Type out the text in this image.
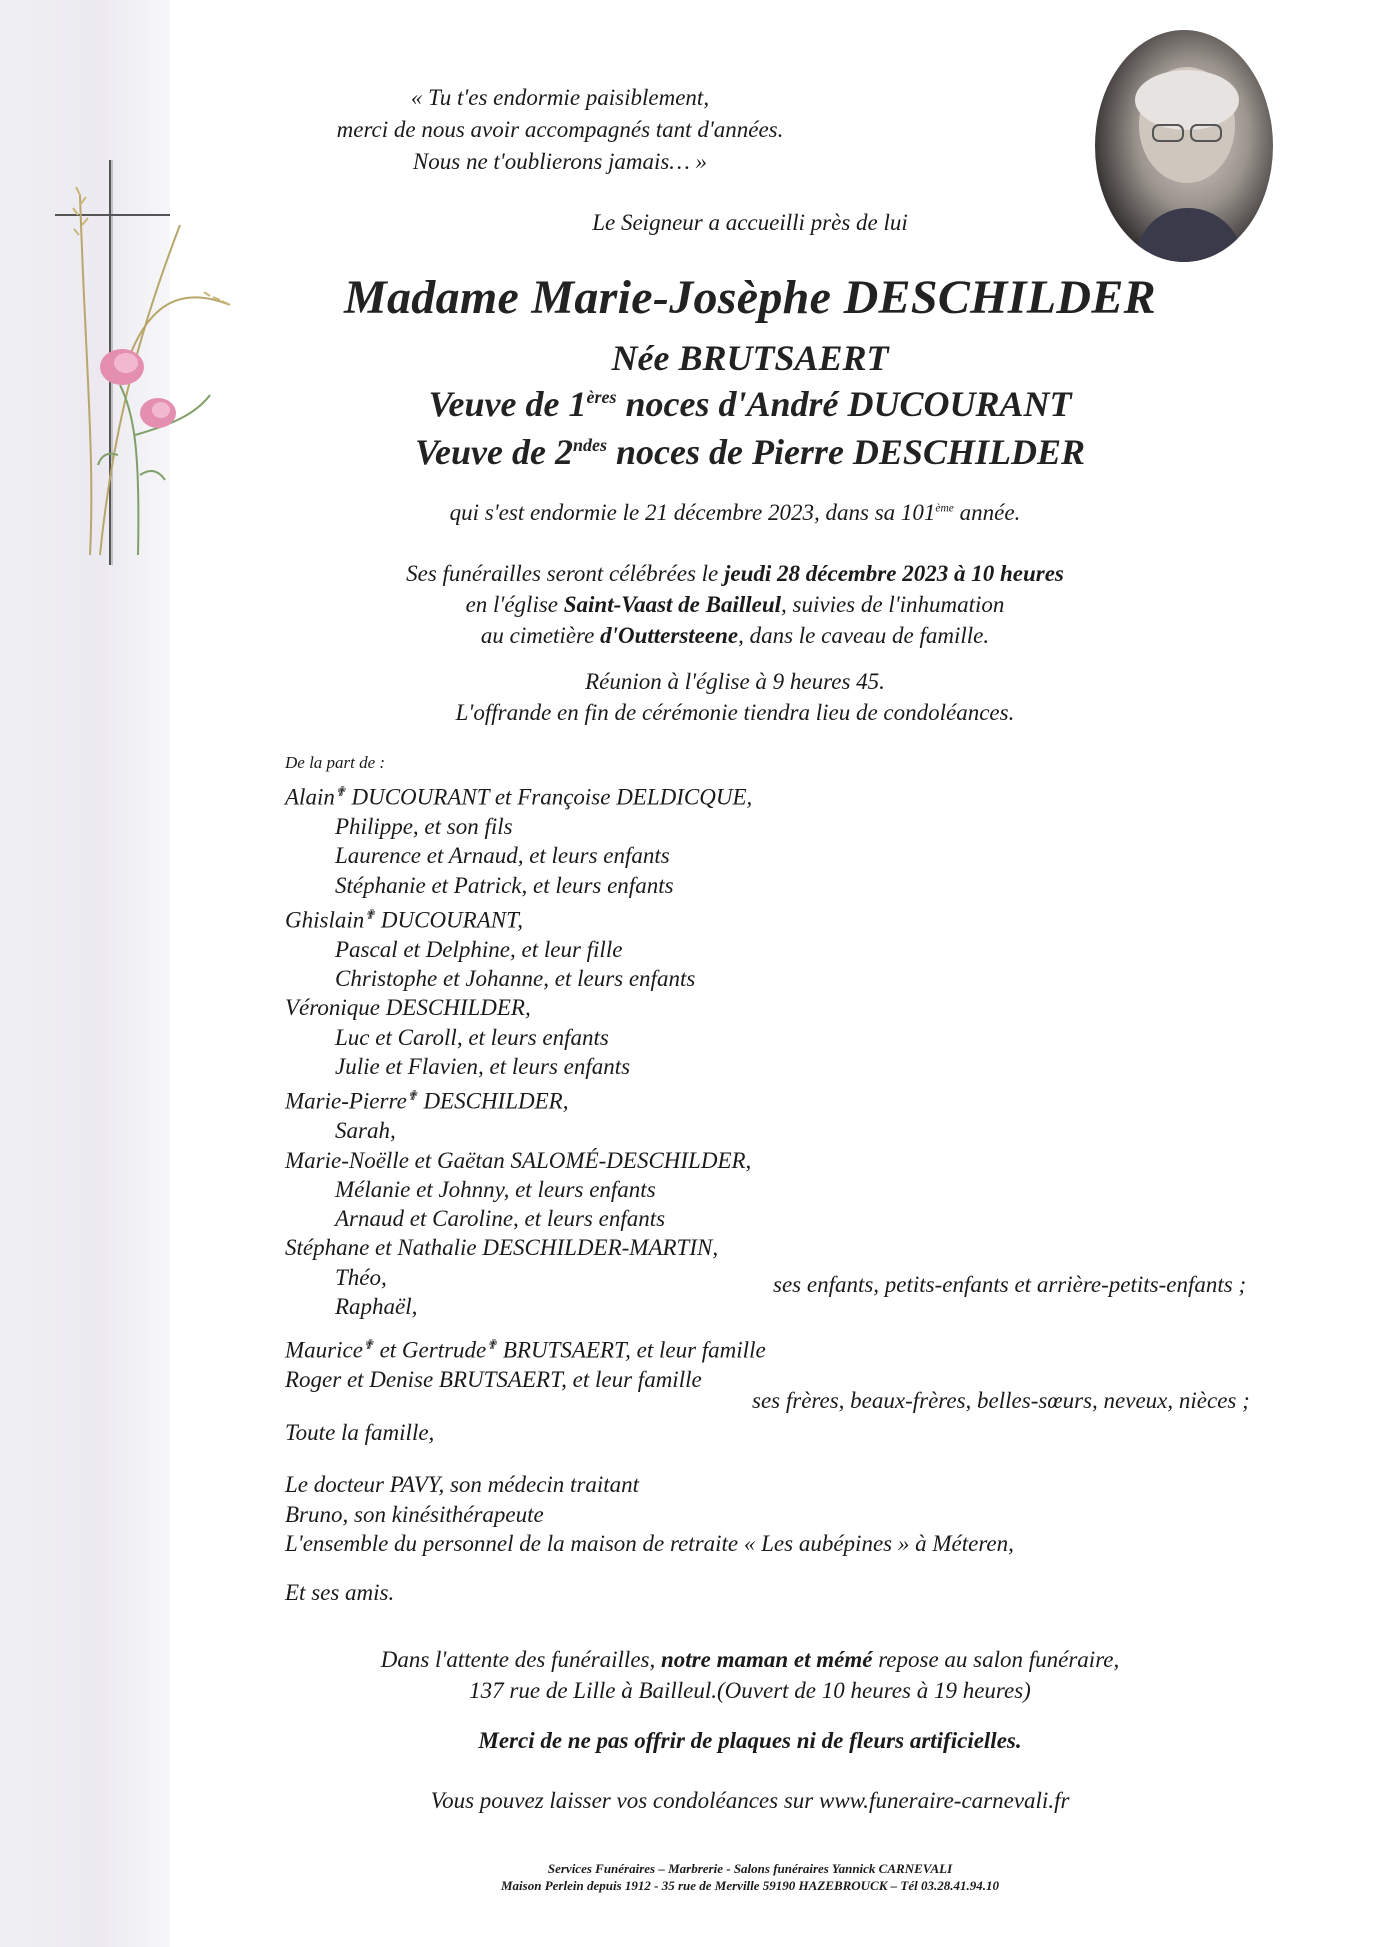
« Tu t'es endormie paisiblement,
merci de nous avoir accompagnés tant d'années.
Nous ne t'oublierons jamais… »
Le Seigneur a accueilli près de lui
Madame Marie-Josèphe DESCHILDER
Née BRUTSAERT
Veuve de 1ères noces d'André DUCOURANT
Veuve de $2^{ndes}$ noces de Pierre DESCHILDER
qui s'est endormie le 21 décembre 2023, dans sa 101ème année.
Ses funérailles seront célébrées le jeudi 28 décembre 2023 à 10 heures
en l'église Saint-Vaast de Bailleul, suivies de l'inhumation
au cimetière d'Outtersteene, dans le caveau de famille.
Réunion à l'église à 9 heures 45.
L'offrande en fin de cérémonie tiendra lieu de condoléances.
De la part de :
Alain✟ DUCOURANT et Françoise DELDICQUE,
Philippe, et son fils
Laurence et Arnaud, et leurs enfants
Stéphanie et Patrick, et leurs enfants
Ghislain✟ DUCOURANT,
Pascal et Delphine, et leur fille
Christophe et Johanne, et leurs enfants
Véronique DESCHILDER,
Luc et Caroll, et leurs enfants
Julie et Flavien, et leurs enfants
Marie-Pierre✟ DESCHILDER,
Sarah,
Marie-Noëlle et Gaëtan SALOMÉ-DESCHILDER,
Mélanie et Johnny, et leurs enfants
Arnaud et Caroline, et leurs enfants
Stéphane et Nathalie DESCHILDER-MARTIN,
Théo,
Raphaël,
ses enfants, petits-enfants et arrière-petits-enfants ;
Maurice✟ et Gertrude✟ BRUTSAERT, et leur famille
Roger et Denise BRUTSAERT, et leur famille
ses frères, beaux-frères, belles-sœurs, neveux, nièces ;
Toute la famille,
Le docteur PAVY, son médecin traitant
Bruno, son kinésithérapeute
L'ensemble du personnel de la maison de retraite « Les aubépines » à Méteren,
Et ses amis.
Dans l'attente des funérailles, notre maman et mémé repose au salon funéraire,
137 rue de Lille à Bailleul.(Ouvert de 10 heures à 19 heures)
Merci de ne pas offrir de plaques ni de fleurs artificielles.
Vous pouvez laisser vos condoléances sur www.funeraire-carnevali.fr
Services Funéraires – Marbrerie - Salons funéraires Yannick CARNEVALI
Maison Perlein depuis 1912 - 35 rue de Merville 59190 HAZEBROUCK – Tél 03.28.41.94.10
